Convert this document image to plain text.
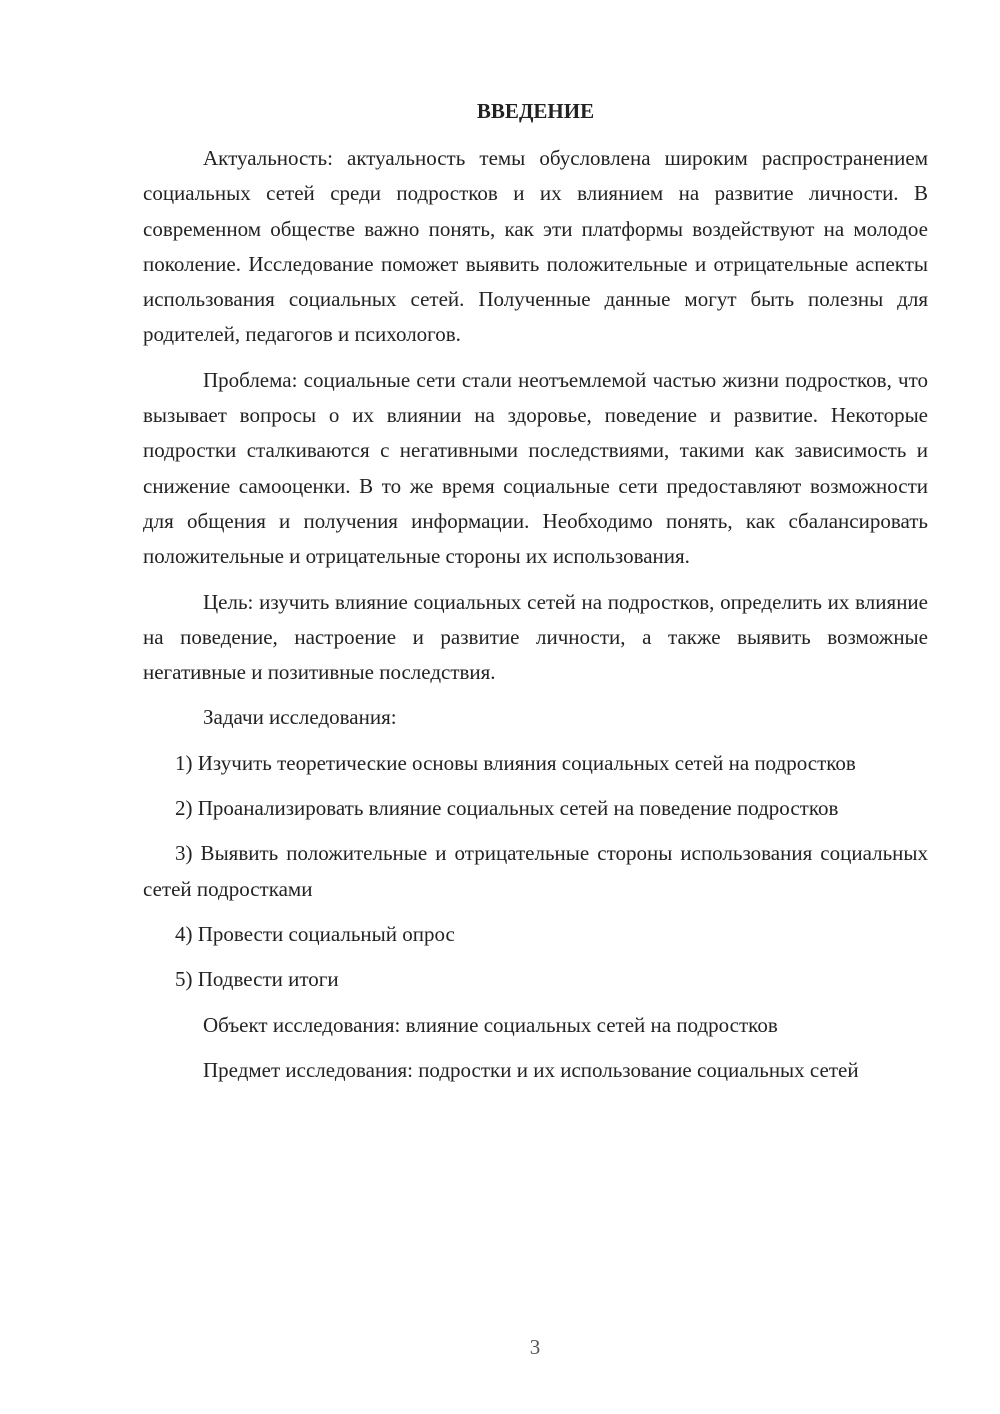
ВВЕДЕНИЕ

Актуальность: актуальность темы обусловлена широким распространением социальных сетей среди подростков и их влиянием на развитие личности. В современном обществе важно понять, как эти платформы воздействуют на молодое поколение. Исследование поможет выявить положительные и отрицательные аспекты использования социальных сетей. Полученные данные могут быть полезны для родителей, педагогов и психологов.

Проблема: социальные сети стали неотъемлемой частью жизни подростков, что вызывает вопросы о их влиянии на здоровье, поведение и развитие. Некоторые подростки сталкиваются с негативными последствиями, такими как зависимость и снижение самооценки. В то же время социальные сети предоставляют возможности для общения и получения информации. Необходимо понять, как сбалансировать положительные и отрицательные стороны их использования.

Цель: изучить влияние социальных сетей на подростков, определить их влияние на поведение, настроение и развитие личности, а также выявить возможные негативные и позитивные последствия.

Задачи исследования:

1) Изучить теоретические основы влияния социальных сетей на подростков

2) Проанализировать влияние социальных сетей на поведение подростков

3) Выявить положительные и отрицательные стороны использования социальных сетей подростками

4) Провести социальный опрос

5) Подвести итоги

Объект исследования: влияние социальных сетей на подростков

Предмет исследования: подростки и их использование социальных сетей

3
